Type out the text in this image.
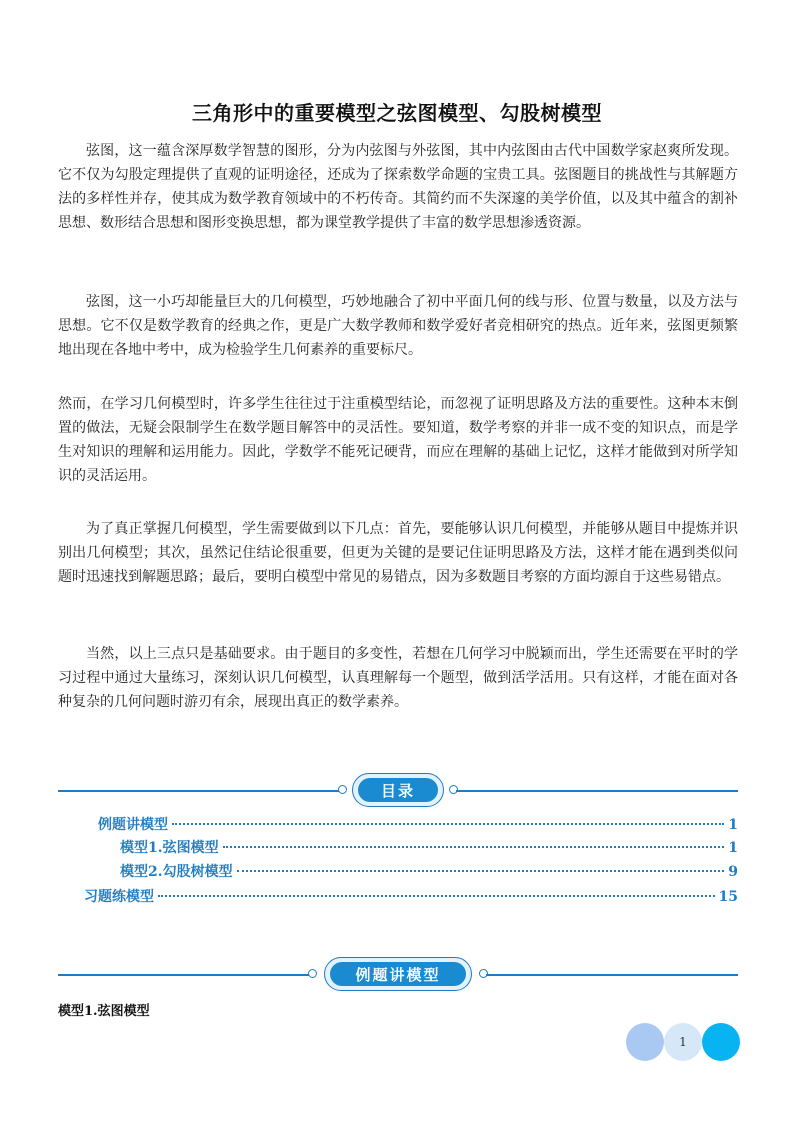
三角形中的重要模型之弦图模型、勾股树模型

弦图，这一蕴含深厚数学智慧的图形，分为内弦图与外弦图，其中内弦图由古代中国数学家赵爽所发现。它不仅为勾股定理提供了直观的证明途径，还成为了探索数学命题的宝贵工具。弦图题目的挑战性与其解题方法的多样性并存，使其成为数学教育领域中的不朽传奇。其简约而不失深邃的美学价值，以及其中蕴含的割补思想、数形结合思想和图形变换思想，都为课堂教学提供了丰富的数学思想渗透资源。

弦图，这一小巧却能量巨大的几何模型，巧妙地融合了初中平面几何的线与形、位置与数量，以及方法与思想。它不仅是数学教育的经典之作，更是广大数学教师和数学爱好者竞相研究的热点。近年来，弦图更频繁地出现在各地中考中，成为检验学生几何素养的重要标尺。

然而，在学习几何模型时，许多学生往往过于注重模型结论，而忽视了证明思路及方法的重要性。这种本末倒置的做法，无疑会限制学生在数学题目解答中的灵活性。要知道，数学考察的并非一成不变的知识点，而是学生对知识的理解和运用能力。因此，学数学不能死记硬背，而应在理解的基础上记忆，这样才能做到对所学知识的灵活运用。

为了真正掌握几何模型，学生需要做到以下几点：首先，要能够认识几何模型，并能够从题目中提炼并识别出几何模型；其次，虽然记住结论很重要，但更为关键的是要记住证明思路及方法，这样才能在遇到类似问题时迅速找到解题思路；最后，要明白模型中常见的易错点，因为多数题目考察的方面均源自于这些易错点。

当然，以上三点只是基础要求。由于题目的多变性，若想在几何学习中脱颖而出，学生还需要在平时的学习过程中通过大量练习，深刻认识几何模型，认真理解每一个题型，做到活学活用。只有这样，才能在面对各种复杂的几何问题时游刃有余，展现出真正的数学素养。

目录
例题讲模型	1
模型1.弦图模型	1
模型2.勾股树模型	9
习题练模型	15
例题讲模型
模型1.弦图模型
1
